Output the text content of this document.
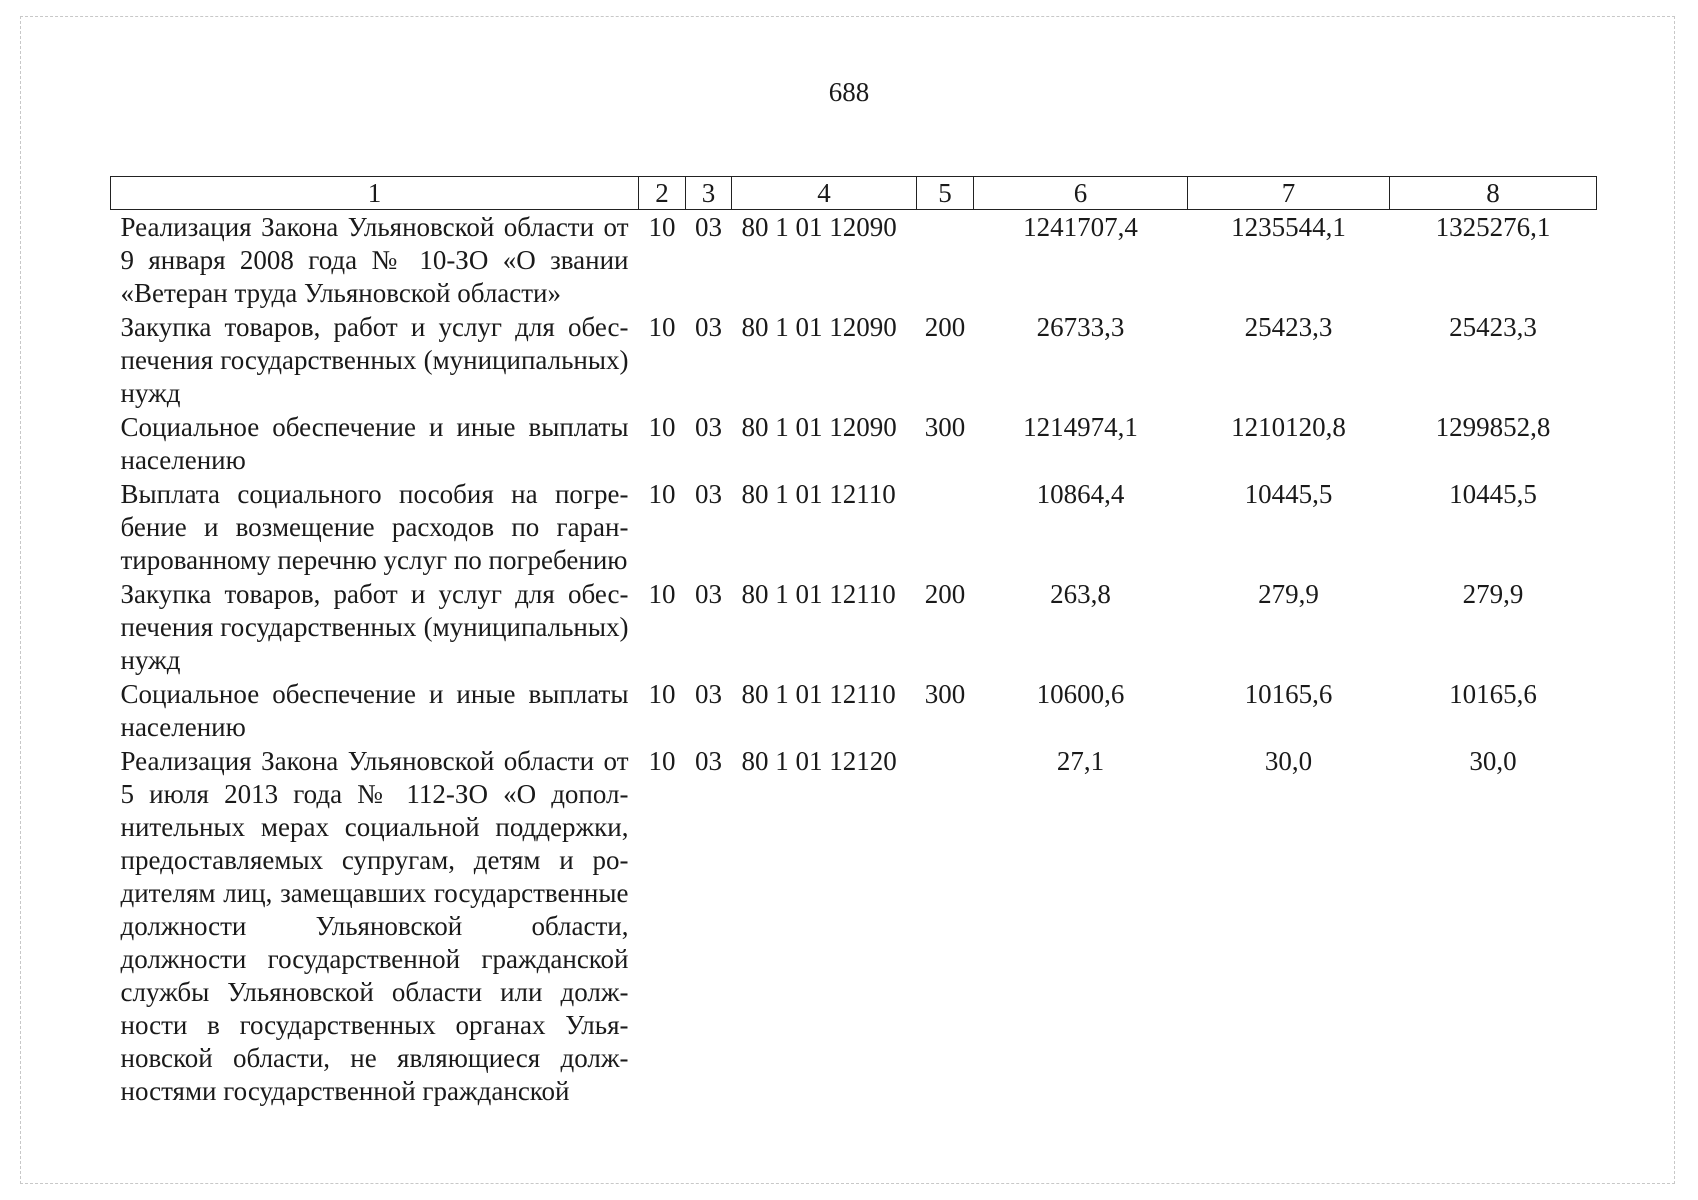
688
1	2	3	4	5	6	7	8
Реализация Закона Ульяновской области от 9 января 2008 года № 10-ЗО «О звании «Ветеран труда Ульяновской области»	10	03	80 1 01 12090		1241707,4	1235544,1	1325276,1
Закупка товаров, работ и услуг для обеспечения государственных (муниципальных) нужд	10	03	80 1 01 12090	200	26733,3	25423,3	25423,3
Социальное обеспечение и иные выплаты населению	10	03	80 1 01 12090	300	1214974,1	1210120,8	1299852,8
Выплата социального пособия на погребение и возмещение расходов по гарантированному перечню услуг по погребению	10	03	80 1 01 12110		10864,4	10445,5	10445,5
Закупка товаров, работ и услуг для обеспечения государственных (муниципальных) нужд	10	03	80 1 01 12110	200	263,8	279,9	279,9
Социальное обеспечение и иные выплаты населению	10	03	80 1 01 12110	300	10600,6	10165,6	10165,6
Реализация Закона Ульяновской области от 5 июля 2013 года № 112-ЗО «О дополнительных мерах социальной поддержки, предоставляемых супругам, детям и родителям лиц, замещавших государственные должности Ульяновской области, должности государственной гражданской службы Ульяновской области или должности в государственных органах Ульяновской области, не являющиеся должностями государственной гражданской	10	03	80 1 01 12120		27,1	30,0	30,0
